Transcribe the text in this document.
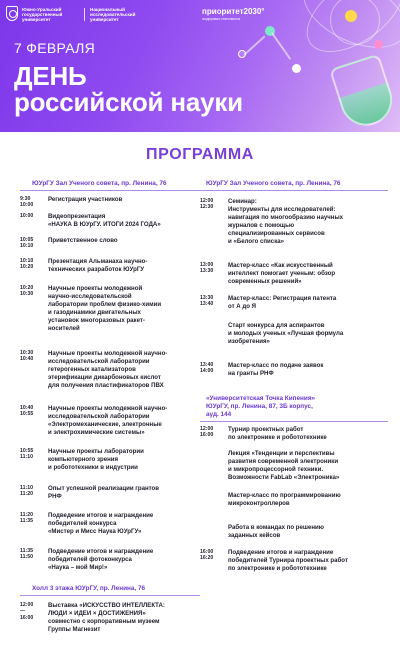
Южно-Уральский государственный университет
Национальный исследовательский университет
приоритет2030°
лидерами становятся
7 ФЕВРАЛЯ
ДЕНЬ
российской науки
ПРОГРАММА
ЮУрГУ Зал Ученого совета, пр. Ленина, 76
9:30
10:00
Регистрация участников
10:00	Видеопрезентация
«НАУКА В ЮУрГУ. ИТОГИ 2024 ГОДА»
10:05
10:10
Приветственное слово
10:10
10:20
Презентация Альманаха научно-
технических разработок ЮУрГУ
10:20
10:30
Научные проекты молодежной
научно-исследовательской
лаборатории проблем физико-химии
и газодинамики двигательных
установок многоразовых ракет-
носителей
10:30
10:40
Научные проекты молодежной научно-
исследовательской лаборатории
гетерогенных катализаторов
этерификации дикарбоновых кислот
для получения пластификаторов ПВХ
10:40
10:55
Научные проекты молодежной научно-
исследовательской лаборатории
«Электромеханические, электронные
и электрохимические системы»
10:55
11:10
Научные проекты лаборатории
компьютерного зрения
и робототехники в индустрии
11:10
11:20
Опыт успешной реализации грантов
РНФ
11:20
11:35
Подведение итогов и награждение
победителей конкурса
«Мистер и Мисс Наука ЮУрГУ»
11:35
11:50
Подведение итогов и награждение
победителей фотоконкурса
«Наука – мой Мир!»
Холл 3 этажа ЮУрГУ, пр. Ленина, 76
12:00
—
16:00
Выставка «ИСКУССТВО ИНТЕЛЛЕКТА:
ЛЮДИ × ИДЕИ × ДОСТИЖЕНИЯ»
совместно с корпоративным музеем
Группы Магнезит
ЮУрГУ Зал Ученого совета, пр. Ленина, 76
12:00
12:30
Семинар:
Инструменты для исследователей:
навигация по многообразию научных
журналов с помощью
специализированных сервисов
и «Белого списка»
13:00
13:30
Мастер-класс «Как искусственный
интеллект помогает ученым: обзор
современных решений»
13:30
13:40
Мастер-класс: Регистрация патента
от А до Я
Старт конкурса для аспирантов
и молодых ученых «Лучшая формула
изобретения»
13:40
14:00
Мастер-класс по подаче заявок
на гранты РНФ
«Университетская Точка Кипения»
ЮУрГУ, пр. Ленина, 87, 3Б корпус,
ауд. 144
12:00
16:00
Турнир проектных работ
по электронике и робототехнике
Лекция «Тенденции и перспективы
развития современной электроники
и микропроцессорной техники.
Возможности FabLab «Электроника»
Мастер-класс по программированию
микроконтроллеров
Работа в командах по решению
заданных кейсов
16:00
16:20
Подведение итогов и награждение
победителей Турнира проектных работ
по электронике и робототехнике
